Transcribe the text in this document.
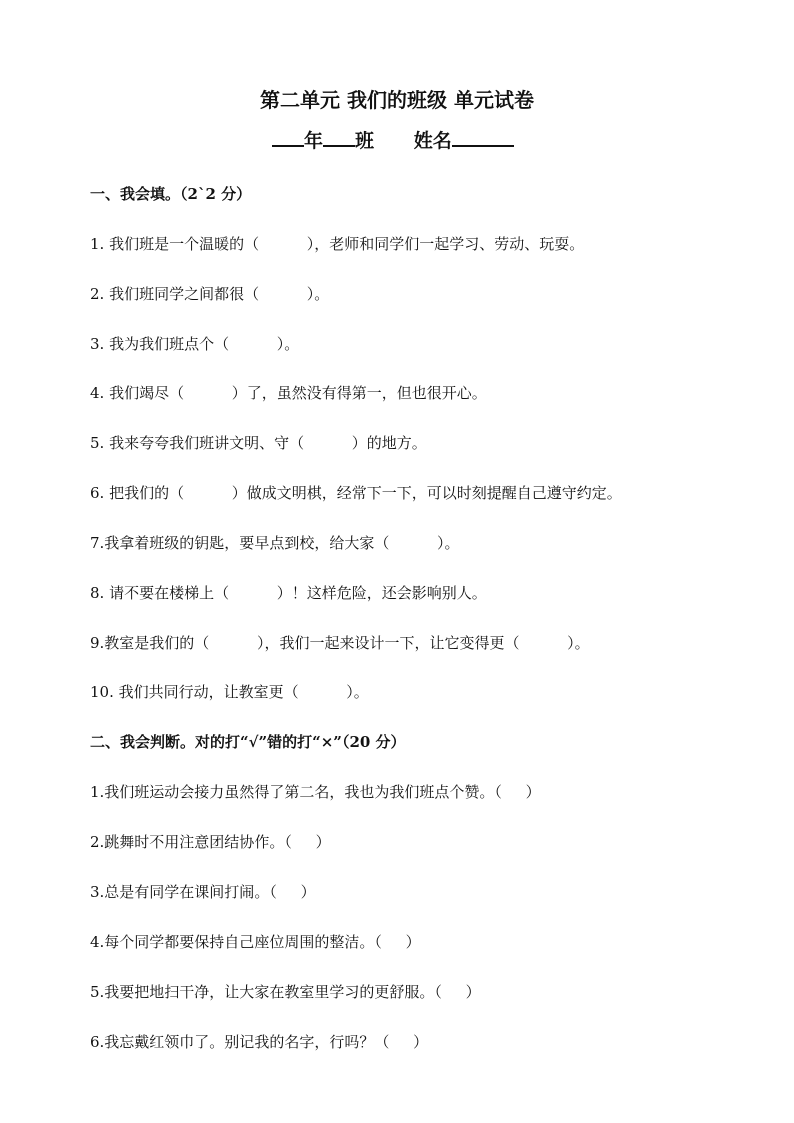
第二单元 我们的班级 单元试卷
年 班 姓名
一、我会填。（2`2 分）
1. 我们班是一个温暖的（          ），老师和同学们一起学习、劳动、玩耍。
2. 我们班同学之间都很（          ）。
3. 我为我们班点个（          ）。
4. 我们竭尽（          ）了，虽然没有得第一，但也很开心。
5. 我来夸夸我们班讲文明、守（          ）的地方。
6. 把我们的（          ）做成文明棋，经常下一下，可以时刻提醒自己遵守约定。
7.我拿着班级的钥匙，要早点到校，给大家（          ）。
8. 请不要在楼梯上（          ）！这样危险，还会影响别人。
9.教室是我们的（          ），我们一起来设计一下，让它变得更（          ）。
10. 我们共同行动，让教室更（          ）。
二、我会判断。对的打“√”错的打“×”（20 分）
1.我们班运动会接力虽然得了第二名，我也为我们班点个赞。（     ）
2.跳舞时不用注意团结协作。（     ）
3.总是有同学在课间打闹。（     ）
4.每个同学都要保持自己座位周围的整洁。（     ）
5.我要把地扫干净，让大家在教室里学习的更舒服。（     ）
6.我忘戴红领巾了。别记我的名字，行吗？（     ）
